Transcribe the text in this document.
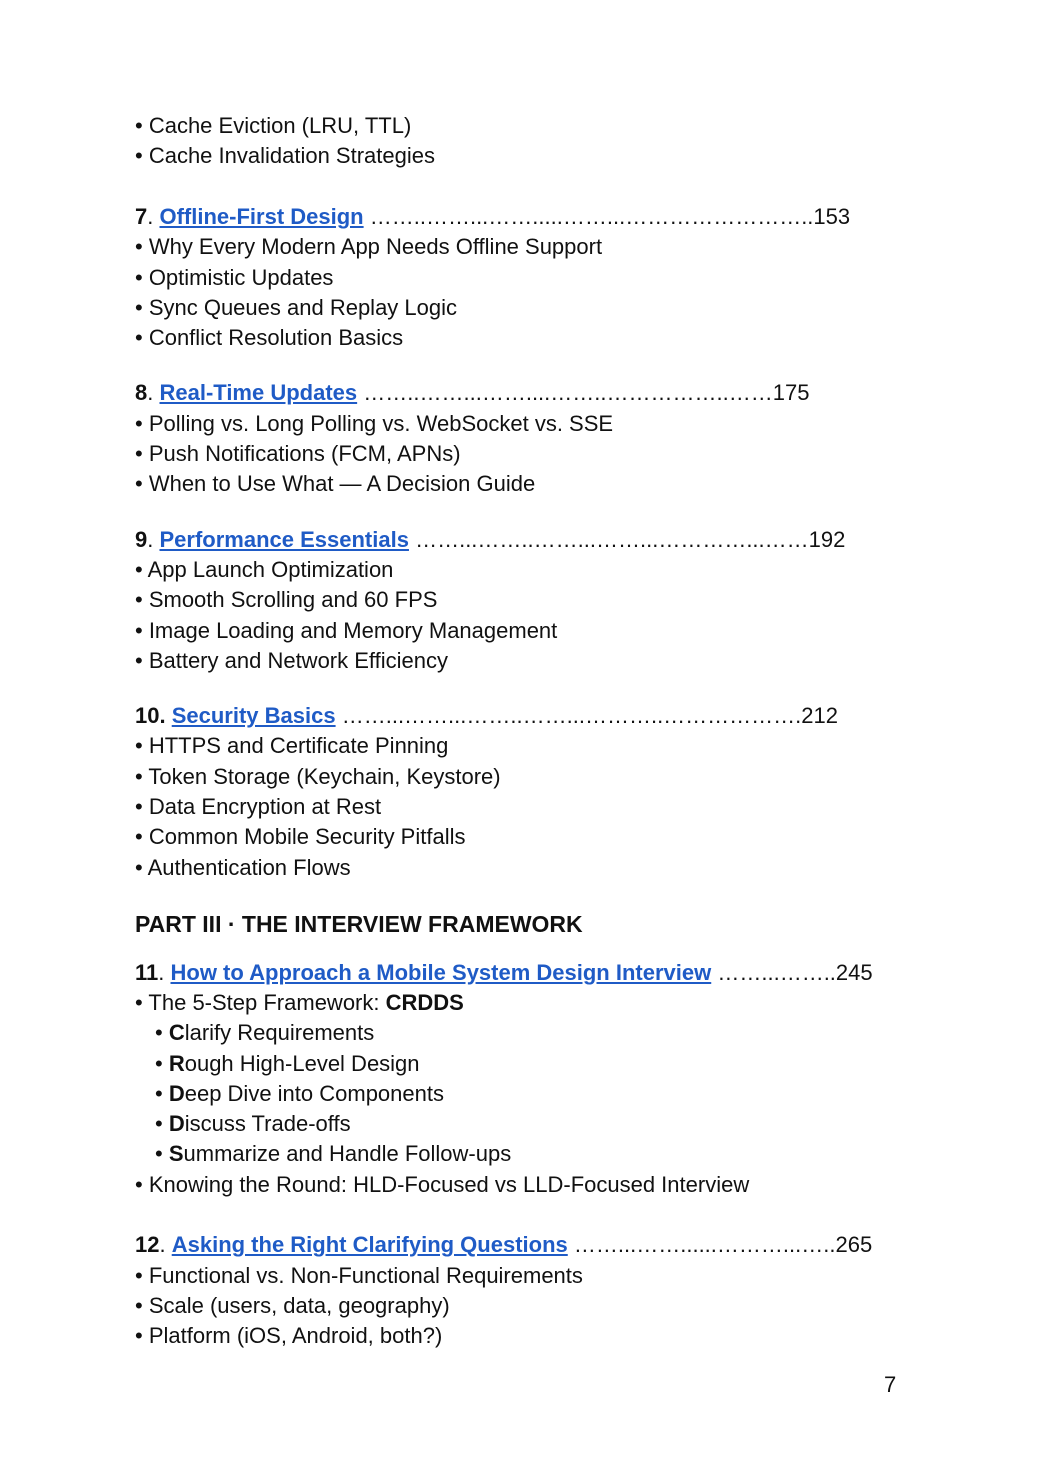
• Cache Eviction (LRU, TTL)
• Cache Invalidation Strategies
7. Offline-First Design ……..……...…….....……...……………………..153
• Why Every Modern App Needs Offline Support
• Optimistic Updates
• Sync Queues and Replay Logic
• Conflict Resolution Basics
8. Real-Time Updates ……..……...……....……..……………..……175
• Polling vs. Long Polling vs. WebSocket vs. SSE
• Push Notifications (FCM, APNs)
• When to Use What — A Decision Guide
9. Performance Essentials ……...……..……...……...…………...……192
• App Launch Optimization
• Smooth Scrolling and 60 FPS
• Image Loading and Memory Management
• Battery and Network Efficiency
10. Security Basics ……...……...……..……...………..……………….212
• HTTPS and Certificate Pinning
• Token Storage (Keychain, Keystore)
• Data Encryption at Rest
• Common Mobile Security Pitfalls
• Authentication Flows
PART III · THE INTERVIEW FRAMEWORK
11. How to Approach a Mobile System Design Interview ……...……..245
• The 5-Step Framework: CRDDS
• Clarify Requirements
• Rough High-Level Design
• Deep Dive into Components
• Discuss Trade-offs
• Summarize and Handle Follow-ups
• Knowing the Round: HLD-Focused vs LLD-Focused Interview
12. Asking the Right Clarifying Questions ……...……......………...…..265
• Functional vs. Non-Functional Requirements
• Scale (users, data, geography)
• Platform (iOS, Android, both?)
7
